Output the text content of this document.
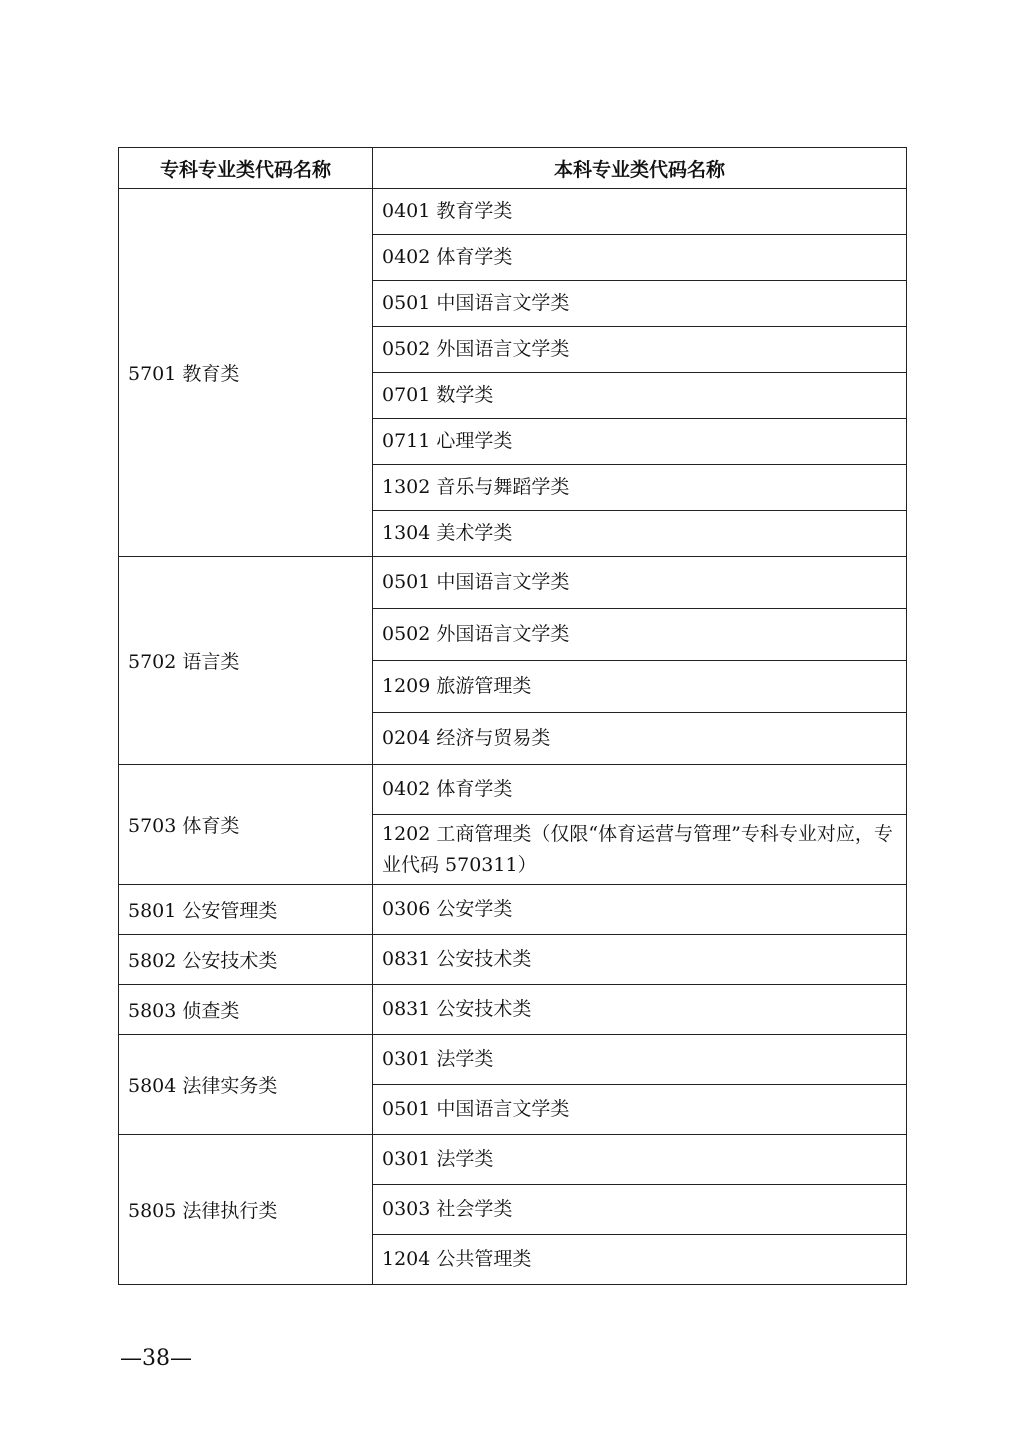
专科专业类代码名称	本科专业类代码名称
5701 教育类	0401 教育学类
	0402 体育学类
	0501 中国语言文学类
	0502 外国语言文学类
	0701 数学类
	0711 心理学类
	1302 音乐与舞蹈学类
	1304 美术学类
5702 语言类	0501 中国语言文学类
	0502 外国语言文学类
	1209 旅游管理类
	0204 经济与贸易类
5703 体育类	0402 体育学类
	1202 工商管理类（仅限“体育运营与管理”专科专业对应，专业代码 570311）
5801 公安管理类	0306 公安学类
5802 公安技术类	0831 公安技术类
5803 侦查类	0831 公安技术类
5804 法律实务类	0301 法学类
	0501 中国语言文学类
5805 法律执行类	0301 法学类
	0303 社会学类
	1204 公共管理类
—38—
